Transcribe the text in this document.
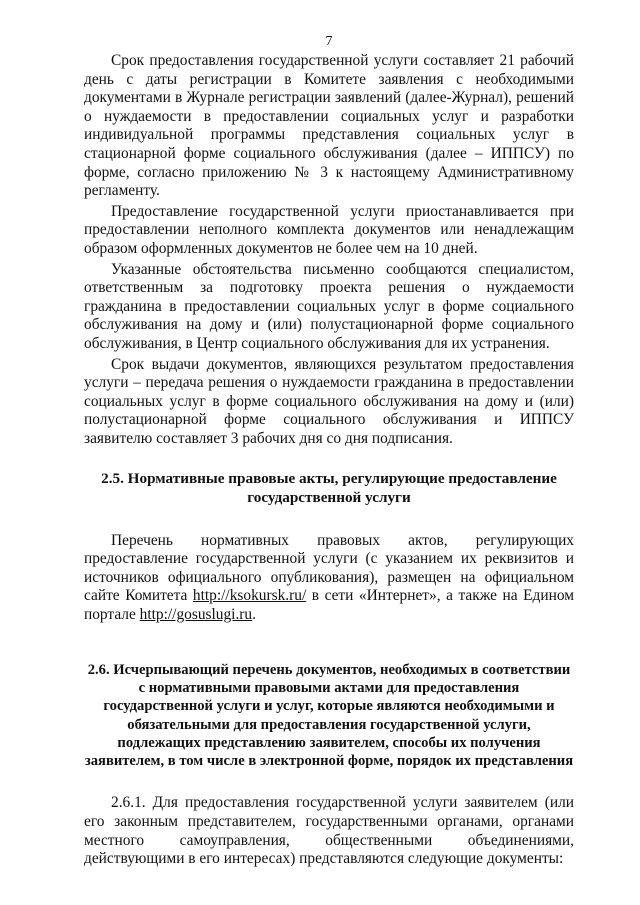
7

Срок предоставления государственной услуги составляет 21 рабочий день с даты регистрации в Комитете заявления с необходимыми документами в Журнале регистрации заявлений (далее-Журнал), решений о нуждаемости в предоставлении социальных услуг и разработки индивидуальной программы представления социальных услуг в стационарной форме социального обслуживания (далее – ИППСУ) по форме, согласно приложению № 3 к настоящему Административному регламенту.

Предоставление государственной услуги приостанавливается при предоставлении неполного комплекта документов или ненадлежащим образом оформленных документов не более чем на 10 дней.

Указанные обстоятельства письменно сообщаются специалистом, ответственным за подготовку проекта решения о нуждаемости гражданина в предоставлении социальных услуг в форме социального обслуживания на дому и (или) полустационарной форме социального обслуживания, в Центр социального обслуживания для их устранения.

Срок выдачи документов, являющихся результатом предоставления услуги – передача решения о нуждаемости гражданина в предоставлении социальных услуг в форме социального обслуживания на дому и (или) полустационарной форме социального обслуживания и ИППСУ заявителю составляет 3 рабочих дня со дня подписания.

2.5. Нормативные правовые акты, регулирующие предоставление государственной услуги

Перечень нормативных правовых актов, регулирующих предоставление государственной услуги (с указанием их реквизитов и источников официального опубликования), размещен на официальном сайте Комитета http://ksokursk.ru/ в сети «Интернет», а также на Едином портале http://gosuslugi.ru.

2.6. Исчерпывающий перечень документов, необходимых в соответствии с нормативными правовыми актами для предоставления государственной услуги и услуг, которые являются необходимыми и обязательными для предоставления государственной услуги, подлежащих представлению заявителем, способы их получения заявителем, в том числе в электронной форме, порядок их представления

2.6.1. Для предоставления государственной услуги заявителем (или его законным представителем, государственными органами, органами местного самоуправления, общественными объединениями, действующими в его интересах) представляются следующие документы:
